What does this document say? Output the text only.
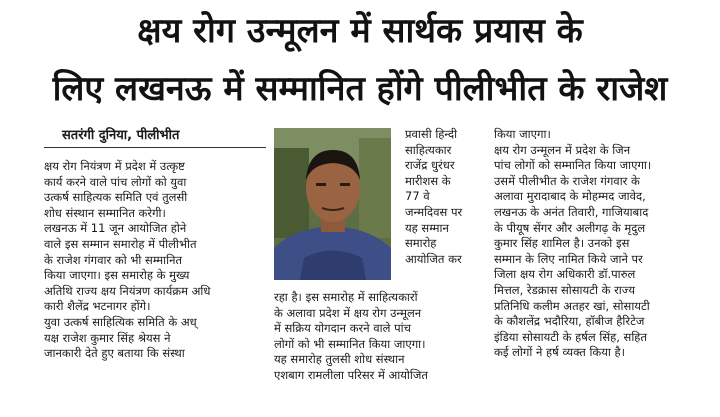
क्षय रोग उन्मूलन में सार्थक प्रयास के
लिए लखनऊ में सम्मानित होंगे पीलीभीत के राजेश
सतरंगी दुनिया, पीलीभीत
क्षय रोग नियंत्रण में प्रदेश में उत्कृष्ट
कार्य करने वाले पांच लोगों को युवा
उत्कर्ष साहित्यक समिति एवं तुलसी
शोध संस्थान सम्मानित करेगी।
लखनऊ में 11 जून आयोजित होने
वाले इस सम्मान समारोह में पीलीभीत
के राजेश गंगवार को भी सम्मानित
किया जाएगा। इस समारोह के मुख्य
अतिथि राज्य क्षय नियंत्रण कार्यक्रम अधि
कारी शैलेंद्र भटनागर होंगे।
युवा उत्कर्ष साहित्यिक समिति के अध्
यक्ष राजेश कुमार सिंह श्रेयस ने
जानकारी देते हुए बताया कि संस्था
प्रवासी हिन्दी
साहित्यकार
राजेंद्र धुरंधर
मारीशस के
77 वे
जन्मदिवस पर
यह सम्मान
समारोह
आयोजित कर
रहा है। इस समारोह में साहित्यकारों
के अलावा प्रदेश में क्षय रोग उन्मूलन
में सक्रिय योगदान करने वाले पांच
लोगों को भी सम्मानित किया जाएगा।
यह समारोह तुलसी शोध संस्थान
एशबाग रामलीला परिसर में आयोजित
किया जाएगा।
क्षय रोग उन्मूलन में प्रदेश के जिन
पांच लोगों को सम्मानित किया जाएगा।
उसमें पीलीभीत के राजेश गंगवार के
अलावा मुरादाबाद के मोहम्मद जावेद,
लखनऊ के अनंत तिवारी, गाजियाबाद
के पीयूष सेंगर और अलीगढ़ के मृदुल
कुमार सिंह शामिल है। उनको इस
सम्मान के लिए नामित किये जाने पर
जिला क्षय रोग अधिकारी डॉ.पारुल
मित्तल, रेडक्रास सोसायटी के राज्य
प्रतिनिधि कलीम अतहर खां, सोसायटी
के कौशलेंद्र भदौरिया, हॉबीज हैरिटेज
इंडिया सोसायटी के हर्षल सिंह, सहित
कई लोगों ने हर्ष व्यक्त किया है।
